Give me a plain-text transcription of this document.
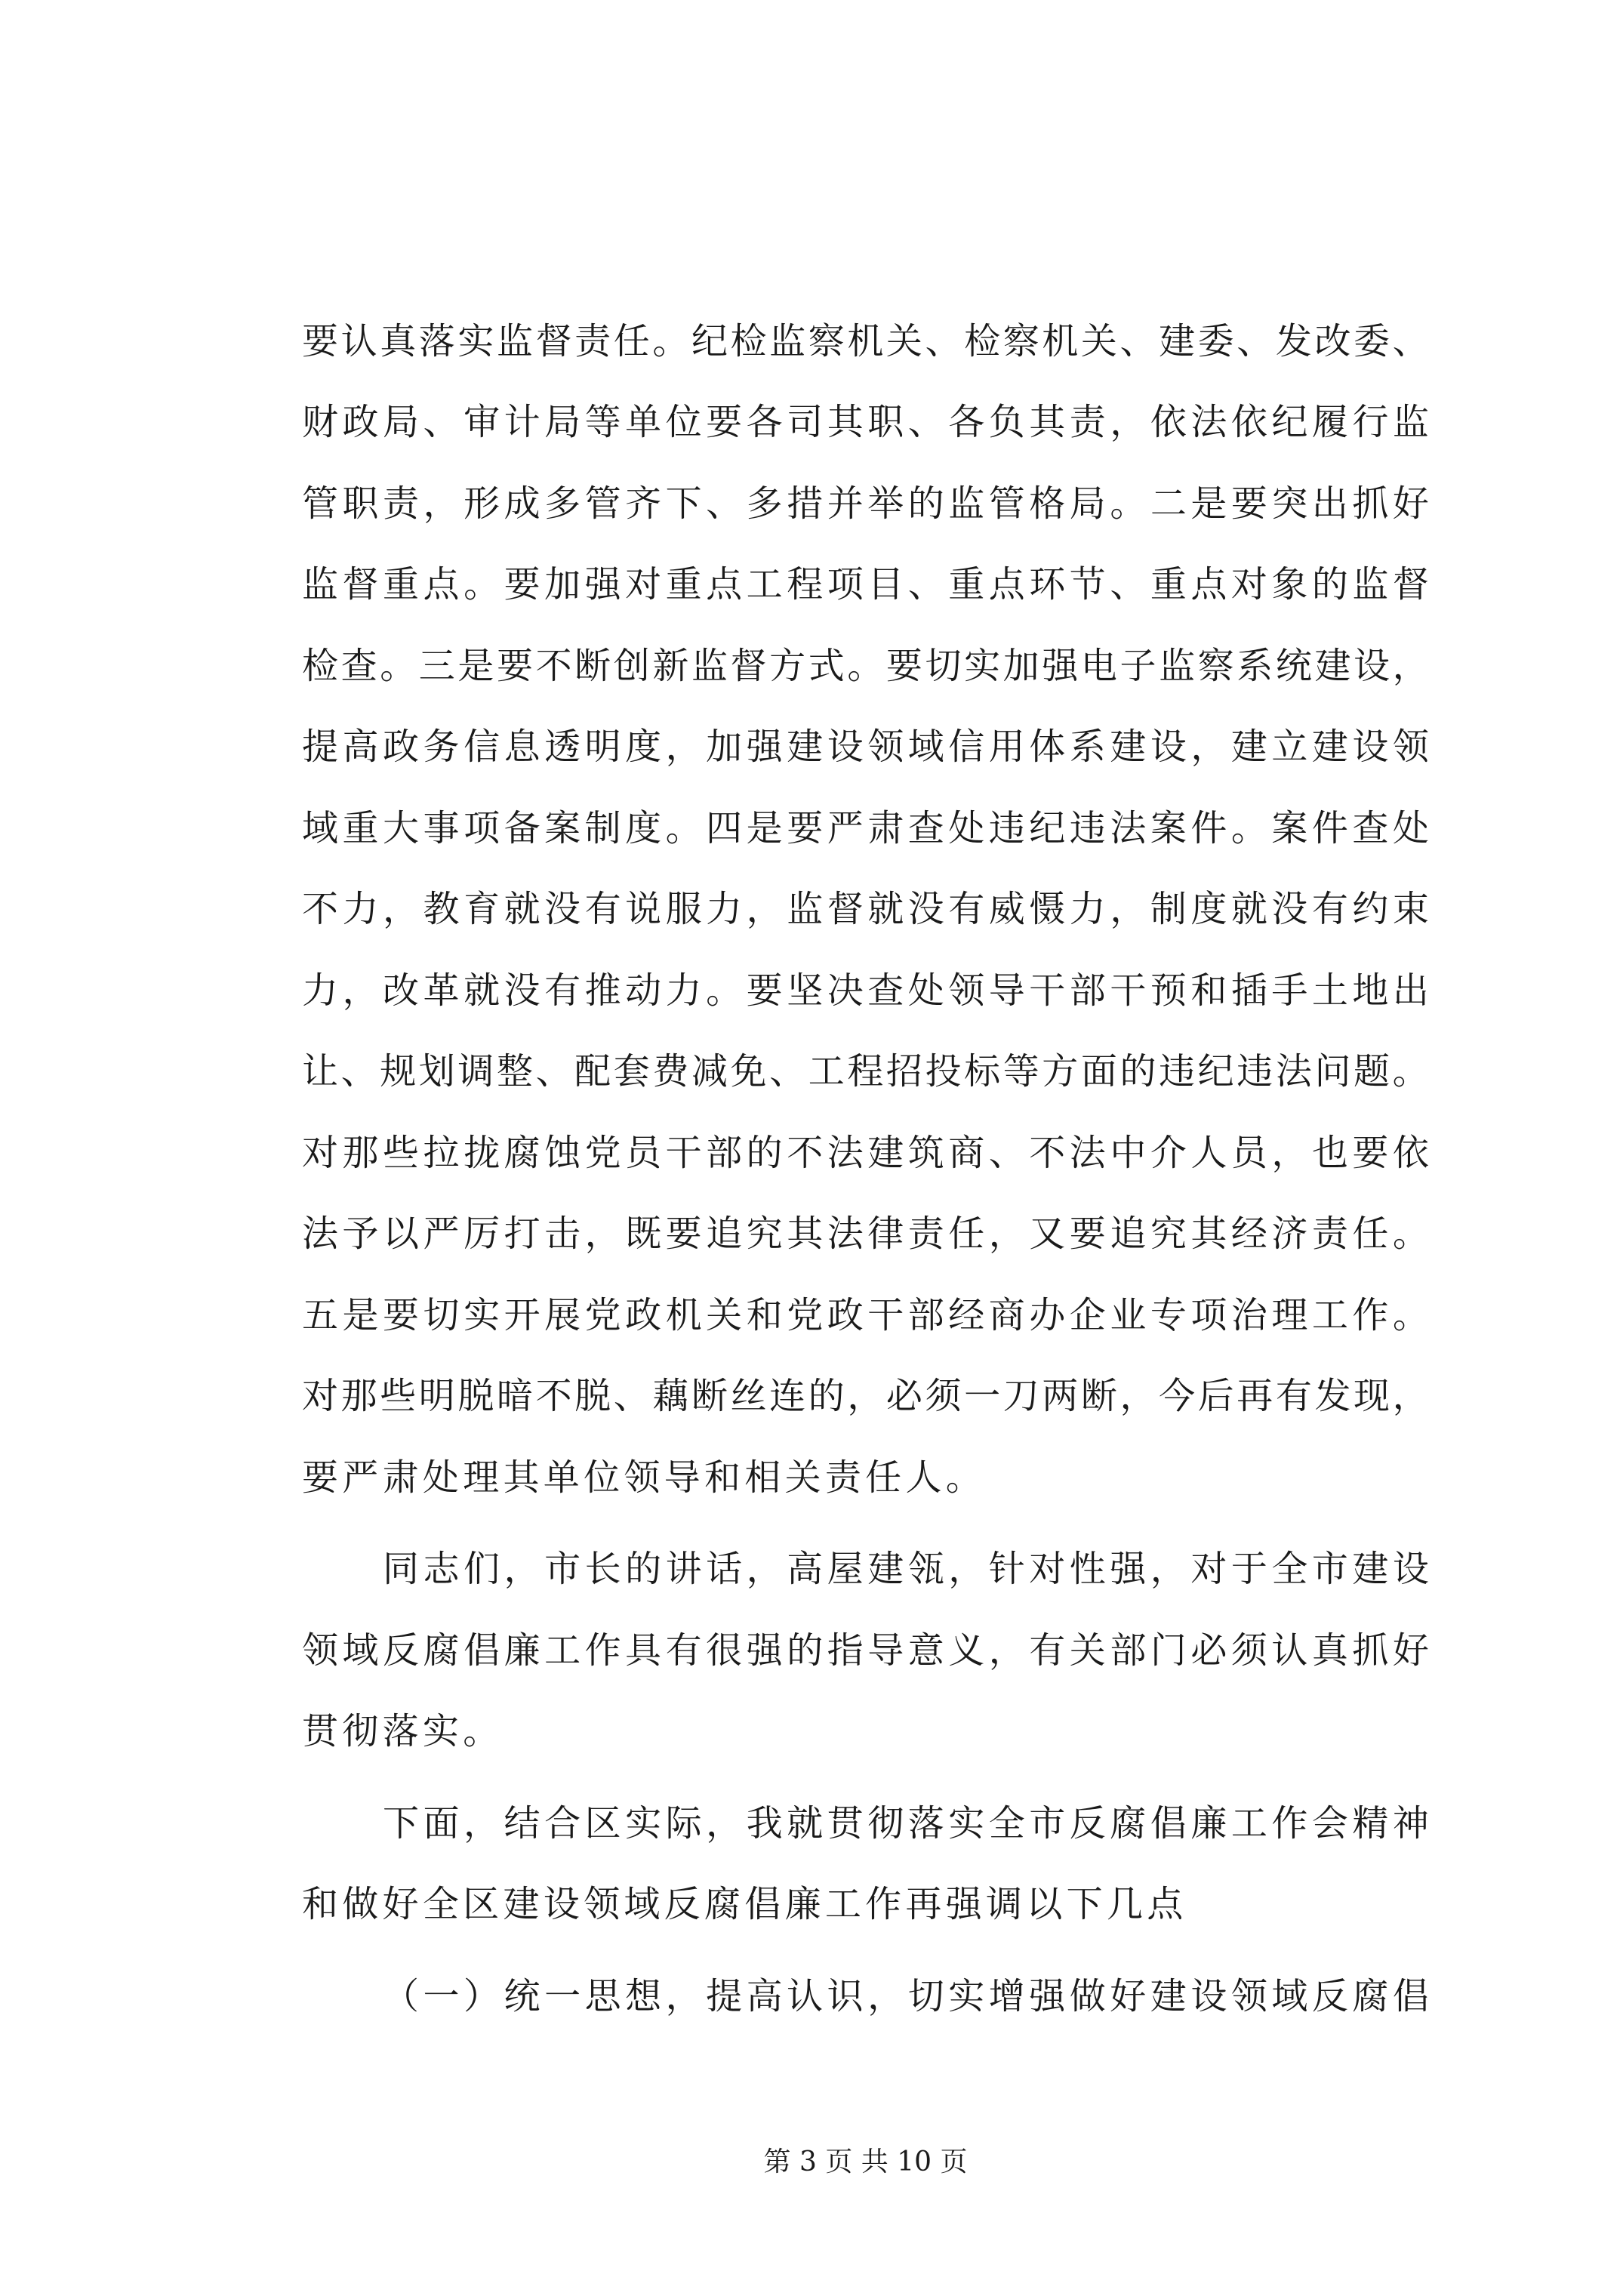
要 认 真 落 实 监 督 责 任 。 纪 检 监 察 机 关 、 检 察 机 关 、 建 委 、 发 改 委 、
财 政 局 、 审 计 局 等 单 位 要 各 司 其 职 、 各 负 其 责 ， 依 法 依 纪 履 行 监
管 职 责 ， 形 成 多 管 齐 下 、 多 措 并 举 的 监 管 格 局 。 二 是 要 突 出 抓 好
监 督 重 点 。 要 加 强 对 重 点 工 程 项 目 、 重 点 环 节 、 重 点 对 象 的 监 督
检 查 。 三 是 要 不 断 创 新 监 督 方 式 。 要 切 实 加 强 电 子 监 察 系 统 建 设 ，
提 高 政 务 信 息 透 明 度 ， 加 强 建 设 领 域 信 用 体 系 建 设 ， 建 立 建 设 领
域 重 大 事 项 备 案 制 度 。 四 是 要 严 肃 查 处 违 纪 违 法 案 件 。 案 件 查 处
不 力 ， 教 育 就 没 有 说 服 力 ， 监 督 就 没 有 威 慑 力 ， 制 度 就 没 有 约 束
力 ， 改 革 就 没 有 推 动 力 。 要 坚 决 查 处 领 导 干 部 干 预 和 插 手 土 地 出
让 、 规 划 调 整 、 配 套 费 减 免 、 工 程 招 投 标 等 方 面 的 违 纪 违 法 问 题 。
对 那 些 拉 拢 腐 蚀 党 员 干 部 的 不 法 建 筑 商 、 不 法 中 介 人 员 ， 也 要 依
法 予 以 严 厉 打 击 ， 既 要 追 究 其 法 律 责 任 ， 又 要 追 究 其 经 济 责 任 。
五 是 要 切 实 开 展 党 政 机 关 和 党 政 干 部 经 商 办 企 业 专 项 治 理 工 作 。
对 那 些 明 脱 暗 不 脱 、 藕 断 丝 连 的 ， 必 须 一 刀 两 断 ， 今 后 再 有 发 现 ，
要 严 肃 处 理 其 单 位 领 导 和 相 关 责 任 人 。
同 志 们 ， 市 长 的 讲 话 ， 高 屋 建 瓴 ， 针 对 性 强 ， 对 于 全 市 建 设
领 域 反 腐 倡 廉 工 作 具 有 很 强 的 指 导 意 义 ， 有 关 部 门 必 须 认 真 抓 好
贯 彻 落 实 。
下 面 ， 结 合 区 实 际 ， 我 就 贯 彻 落 实 全 市 反 腐 倡 廉 工 作 会 精 神
和 做 好 全 区 建 设 领 域 反 腐 倡 廉 工 作 再 强 调 以 下 几 点
（ 一 ） 统 一 思 想 ， 提 高 认 识 ， 切 实 增 强 做 好 建 设 领 域 反 腐 倡
第 3 页 共 10 页
